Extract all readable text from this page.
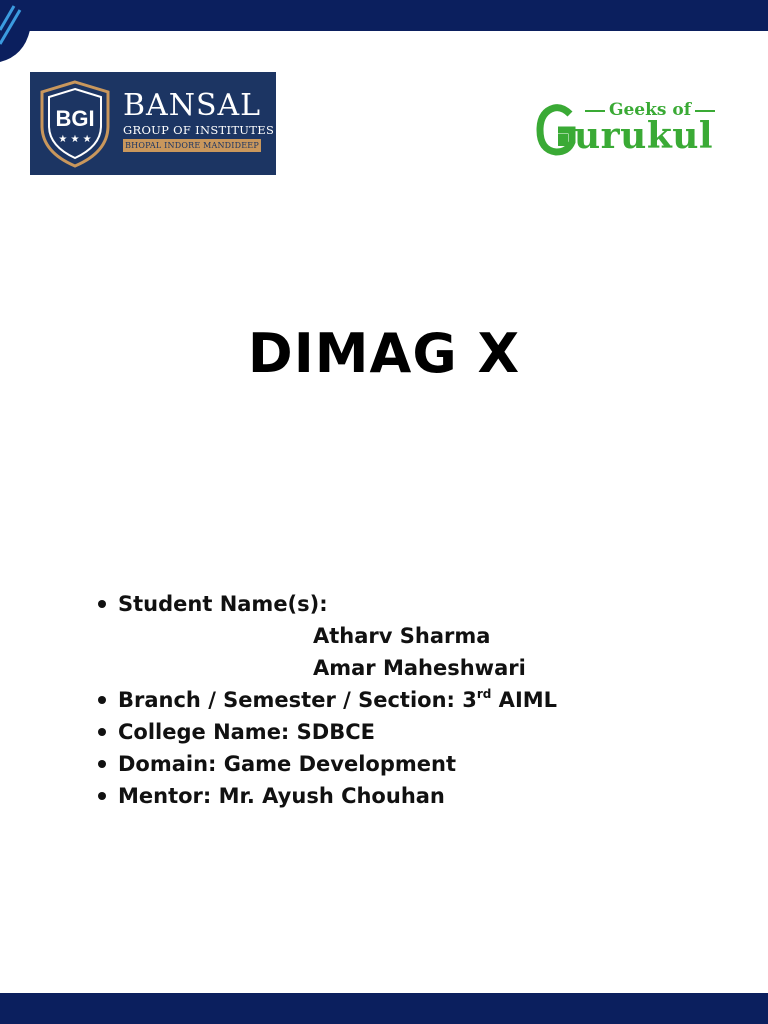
BGI
★ ★ ★
BANSAL
GROUP OF INSTITUTES
BHOPAL INDORE MANDIDEEP
Geeks of
urukul
DIMAG X
Student Name(s):
Atharv Sharma
Amar Maheshwari
Branch / Semester / Section: 3rd AIML
College Name: SDBCE
Domain: Game Development
Mentor: Mr. Ayush Chouhan
